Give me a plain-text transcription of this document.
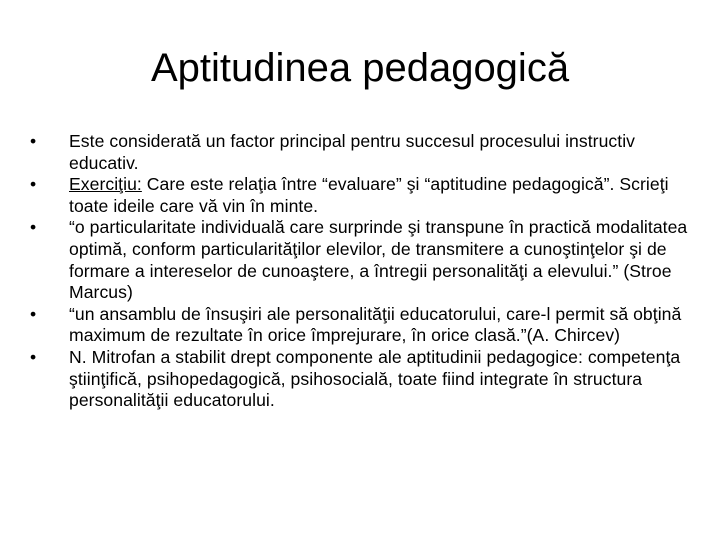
Aptitudinea pedagogică
•	Este considerată un factor principal pentru succesul procesului instructiv educativ.
•	Exerciţiu: Care este relaţia între “evaluare” şi “aptitudine pedagogică”. Scrieţi toate ideile care vă vin în minte.
•	“o particularitate individuală care surprinde şi transpune în practică modalitatea optimă, conform particularităţilor elevilor, de transmitere a cunoştinţelor şi de formare a intereselor de cunoaştere, a întregii personalităţi a elevului.” (Stroe Marcus)
•	“un ansamblu de însuşiri ale personalităţii educatorului, care-l permit să obţină maximum de rezultate în orice împrejurare, în orice clasă.”(A. Chircev)
•	N. Mitrofan a stabilit drept componente ale aptitudinii pedagogice: competenţa ştiinţifică, psihopedagogică, psihosocială, toate fiind integrate în structura personalităţii educatorului.
